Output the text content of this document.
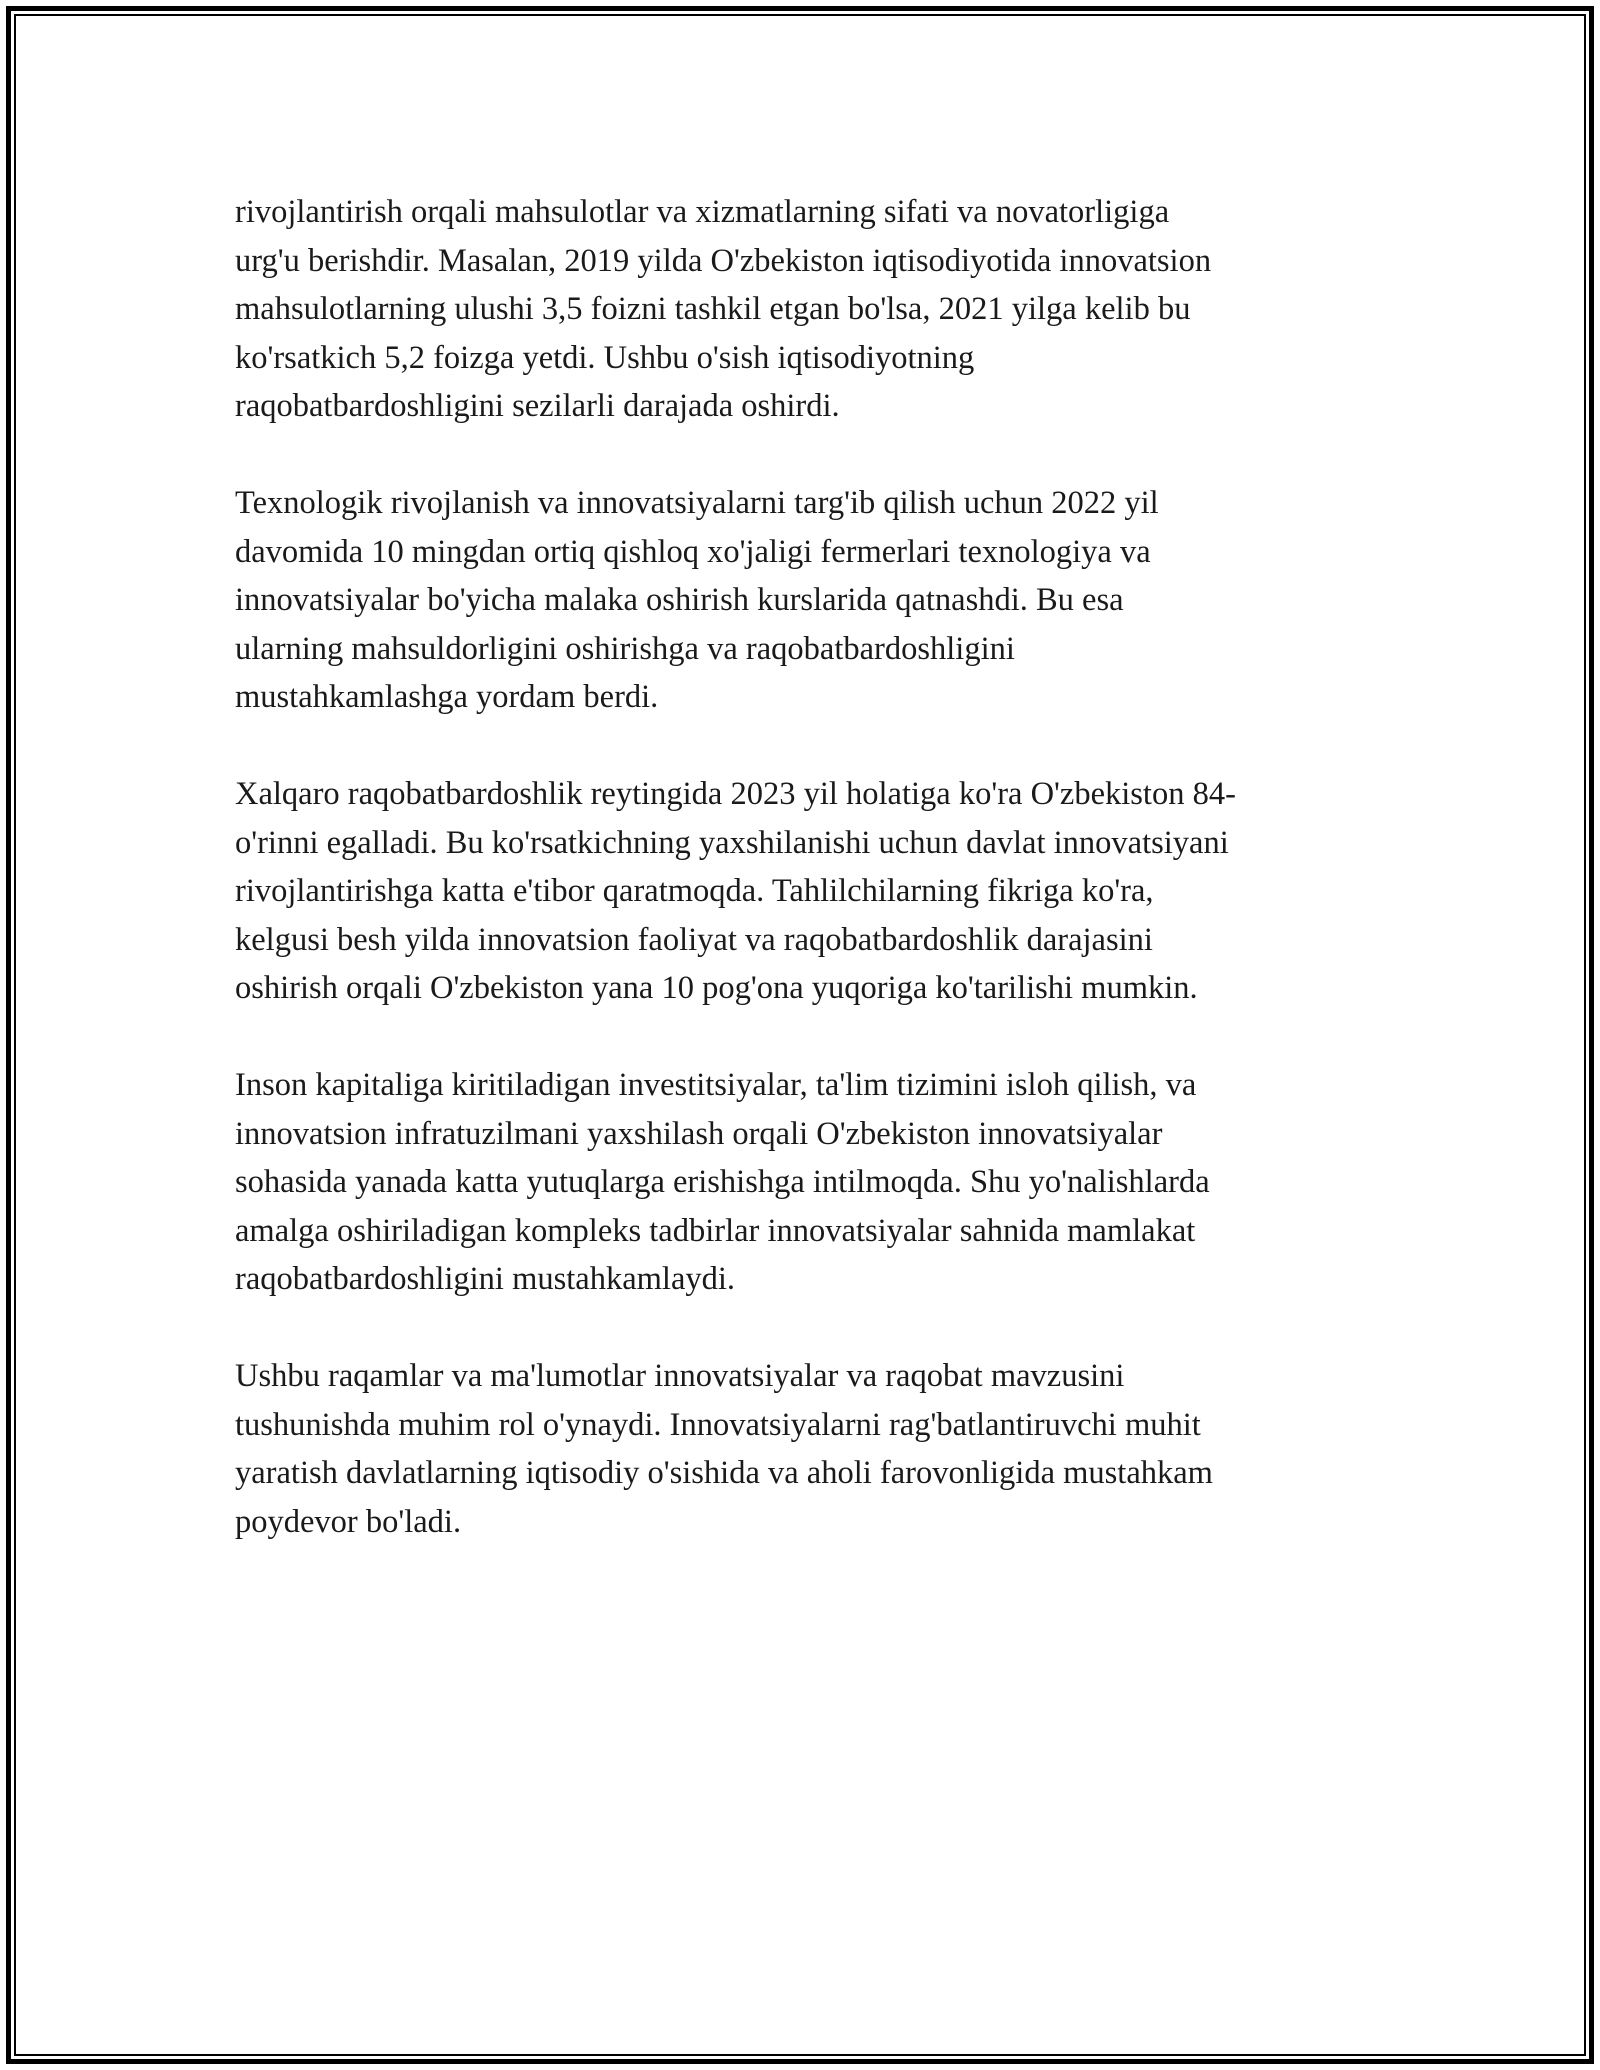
rivojlantirish orqali mahsulotlar va xizmatlarning sifati va novatorligiga
urg'u berishdir. Masalan, 2019 yilda O'zbekiston iqtisodiyotida innovatsion
mahsulotlarning ulushi 3,5 foizni tashkil etgan bo'lsa, 2021 yilga kelib bu
ko'rsatkich 5,2 foizga yetdi. Ushbu o'sish iqtisodiyotning
raqobatbardoshligini sezilarli darajada oshirdi.

Texnologik rivojlanish va innovatsiyalarni targ'ib qilish uchun 2022 yil
davomida 10 mingdan ortiq qishloq xo'jaligi fermerlari texnologiya va
innovatsiyalar bo'yicha malaka oshirish kurslarida qatnashdi. Bu esa
ularning mahsuldorligini oshirishga va raqobatbardoshligini
mustahkamlashga yordam berdi.

Xalqaro raqobatbardoshlik reytingida 2023 yil holatiga ko'ra O'zbekiston 84-
o'rinni egalladi. Bu ko'rsatkichning yaxshilanishi uchun davlat innovatsiyani
rivojlantirishga katta e'tibor qaratmoqda. Tahlilchilarning fikriga ko'ra,
kelgusi besh yilda innovatsion faoliyat va raqobatbardoshlik darajasini
oshirish orqali O'zbekiston yana 10 pog'ona yuqoriga ko'tarilishi mumkin.

Inson kapitaliga kiritiladigan investitsiyalar, ta'lim tizimini isloh qilish, va
innovatsion infratuzilmani yaxshilash orqali O'zbekiston innovatsiyalar
sohasida yanada katta yutuqlarga erishishga intilmoqda. Shu yo'nalishlarda
amalga oshiriladigan kompleks tadbirlar innovatsiyalar sahnida mamlakat
raqobatbardoshligini mustahkamlaydi.

Ushbu raqamlar va ma'lumotlar innovatsiyalar va raqobat mavzusini
tushunishda muhim rol o'ynaydi. Innovatsiyalarni rag'batlantiruvchi muhit
yaratish davlatlarning iqtisodiy o'sishida va aholi farovonligida mustahkam
poydevor bo'ladi.
